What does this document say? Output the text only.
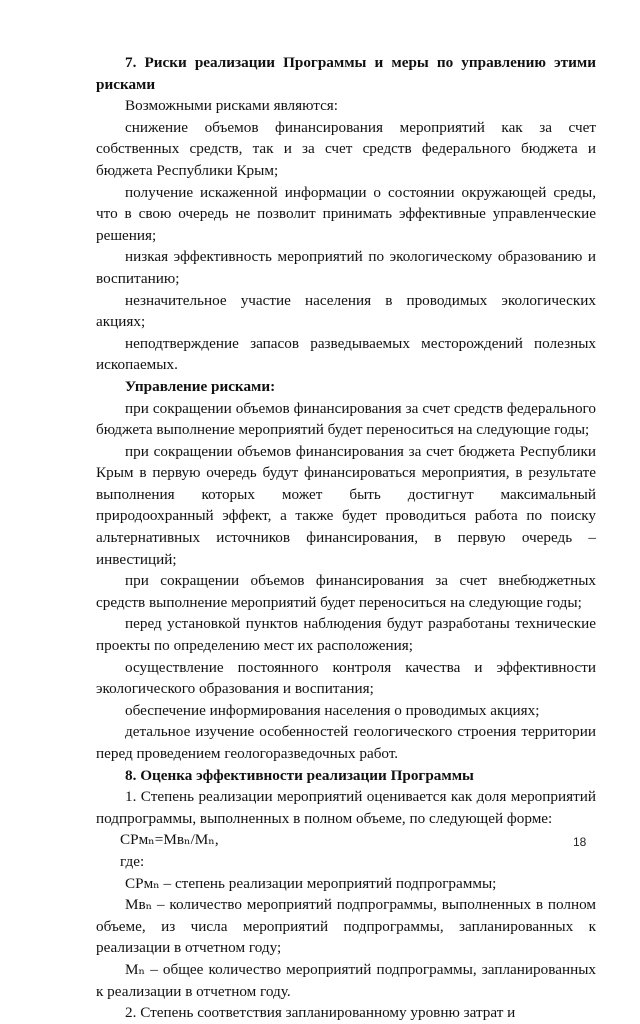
7. Риски реализации Программы и меры по управлению этими рисками

Возможными рисками являются:

снижение объемов финансирования мероприятий как за счет собственных средств, так и за счет средств федерального бюджета и бюджета Республики Крым;

получение искаженной информации о состоянии окружающей среды, что в свою очередь не позволит принимать эффективные управленческие решения;

низкая эффективность мероприятий по экологическому образованию и воспитанию;

незначительное участие населения в проводимых экологических акциях;

неподтверждение запасов разведываемых месторождений полезных ископаемых.

Управление рисками:

при сокращении объемов финансирования за счет средств федерального бюджета выполнение мероприятий будет переноситься на следующие годы;

при сокращении объемов финансирования за счет бюджета Республики Крым в первую очередь будут финансироваться мероприятия, в результате выполнения которых может быть достигнут максимальный природоохранный эффект, а также будет проводиться работа по поиску альтернативных источников финансирования, в первую очередь – инвестиций;

при сокращении объемов финансирования за счет внебюджетных средств выполнение мероприятий будет переноситься на следующие годы;

перед установкой пунктов наблюдения будут разработаны технические проекты по определению мест их расположения;

осуществление постоянного контроля качества и эффективности экологического образования и воспитания;

обеспечение информирования населения о проводимых акциях;

детальное изучение особенностей геологического строения территории перед проведением геологоразведочных работ.

8. Оценка эффективности реализации Программы

1. Степень реализации мероприятий оценивается как доля мероприятий подпрограммы, выполненных в полном объеме, по следующей форме:

СРмₙ=Мвₙ/Мₙ,

где:

СРмₙ – степень реализации мероприятий подпрограммы;

Мвₙ – количество мероприятий подпрограммы, выполненных в полном объеме, из числа мероприятий подпрограммы, запланированных к реализации в отчетном году;

Мₙ – общее количество мероприятий подпрограммы, запланированных к реализации в отчетном году.

2. Степень соответствия запланированному уровню затрат и

18
